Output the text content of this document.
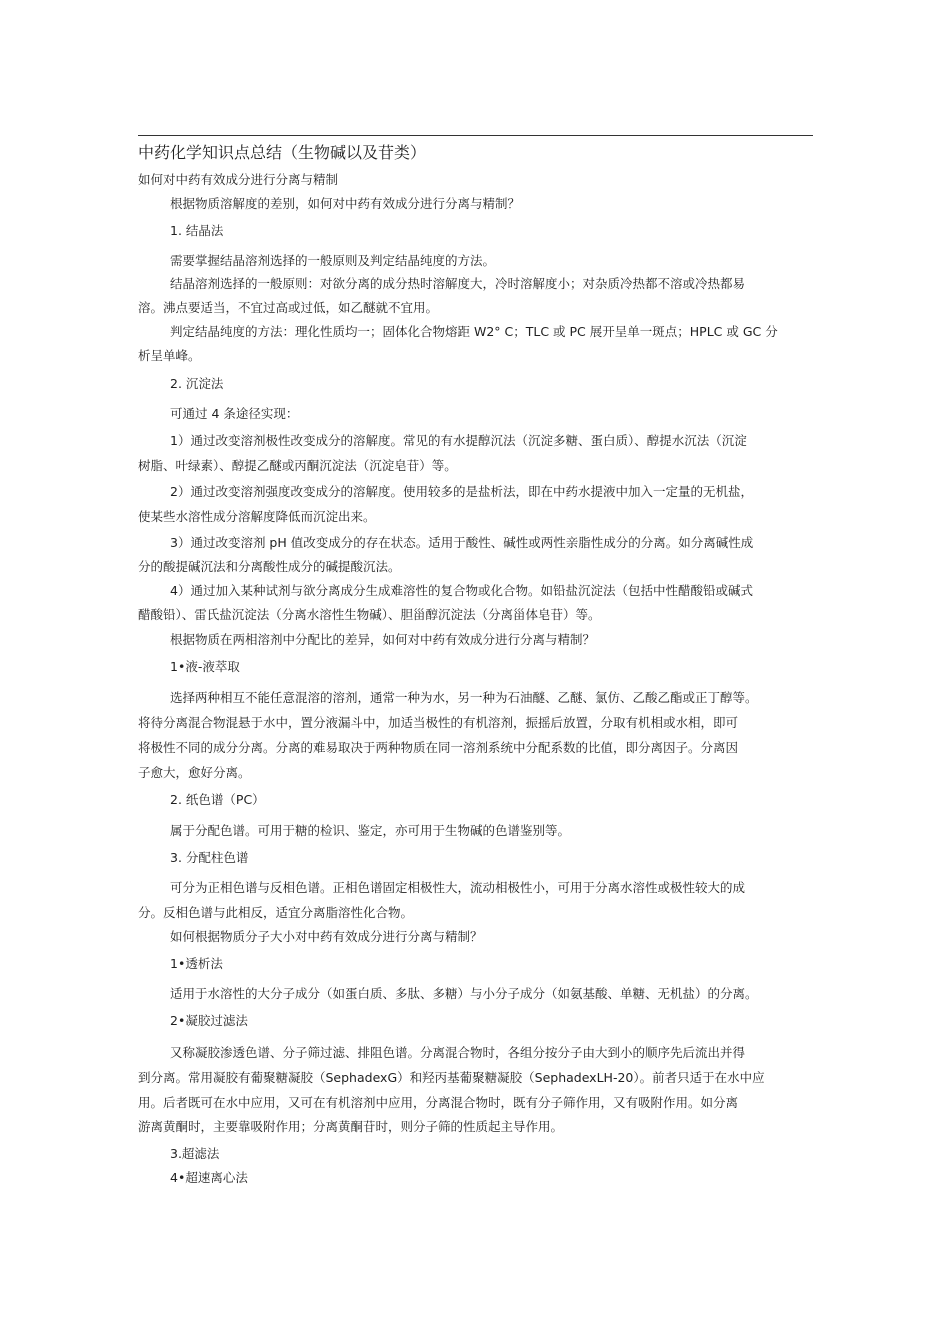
中药化学知识点总结（生物碱以及苷类）
如何对中药有效成分进行分离与精制
根据物质溶解度的差别，如何对中药有效成分进行分离与精制？
1. 结晶法
需要掌握结晶溶剂选择的一般原则及判定结晶纯度的方法。
结晶溶剂选择的一般原则：对欲分离的成分热时溶解度大，冷时溶解度小；对杂质冷热都不溶或冷热都易
溶。沸点要适当，不宜过高或过低，如乙醚就不宜用。
判定结晶纯度的方法：理化性质均一；固体化合物熔距 W2° C；TLC 或 PC 展开呈单一斑点；HPLC 或 GC 分
析呈单峰。
2. 沉淀法
可通过 4 条途径实现：
1）通过改变溶剂极性改变成分的溶解度。常见的有水提醇沉法（沉淀多糖、蛋白质）、醇提水沉法（沉淀
树脂、叶绿素）、醇提乙醚或丙酮沉淀法（沉淀皂苷）等。
2）通过改变溶剂强度改变成分的溶解度。使用较多的是盐析法，即在中药水提液中加入一定量的无机盐，
使某些水溶性成分溶解度降低而沉淀出来。
3）通过改变溶剂 pH 值改变成分的存在状态。适用于酸性、碱性或两性亲脂性成分的分离。如分离碱性成
分的酸提碱沉法和分离酸性成分的碱提酸沉法。
4）通过加入某种试剂与欲分离成分生成难溶性的复合物或化合物。如铅盐沉淀法（包括中性醋酸铅或碱式
醋酸铅）、雷氏盐沉淀法（分离水溶性生物碱）、胆甾醇沉淀法（分离甾体皂苷）等。
根据物质在两相溶剂中分配比的差异，如何对中药有效成分进行分离与精制？
1•液-液萃取
选择两种相互不能任意混溶的溶剂，通常一种为水，另一种为石油醚、乙醚、氯仿、乙酸乙酯或正丁醇等。
将待分离混合物混悬于水中，置分液漏斗中，加适当极性的有机溶剂，振摇后放置，分取有机相或水相，即可
将极性不同的成分分离。分离的难易取决于两种物质在同一溶剂系统中分配系数的比值，即分离因子。分离因
子愈大，愈好分离。
2. 纸色谱（PC）
属于分配色谱。可用于糖的检识、鉴定，亦可用于生物碱的色谱鉴别等。
3. 分配柱色谱
可分为正相色谱与反相色谱。正相色谱固定相极性大，流动相极性小，可用于分离水溶性或极性较大的成
分。反相色谱与此相反，适宜分离脂溶性化合物。
如何根据物质分子大小对中药有效成分进行分离与精制？
1•透析法
适用于水溶性的大分子成分（如蛋白质、多肽、多糖）与小分子成分（如氨基酸、单糖、无机盐）的分离。
2•凝胶过滤法
又称凝胶渗透色谱、分子筛过滤、排阻色谱。分离混合物时，各组分按分子由大到小的顺序先后流出并得
到分离。常用凝胶有葡聚糖凝胶（SephadexG）和羟丙基葡聚糖凝胶（SephadexLH-20）。前者只适于在水中应
用。后者既可在水中应用，又可在有机溶剂中应用，分离混合物时，既有分子筛作用，又有吸附作用。如分离
游离黄酮时，主要靠吸附作用；分离黄酮苷时，则分子筛的性质起主导作用。
3.超滤法
4•超速离心法
